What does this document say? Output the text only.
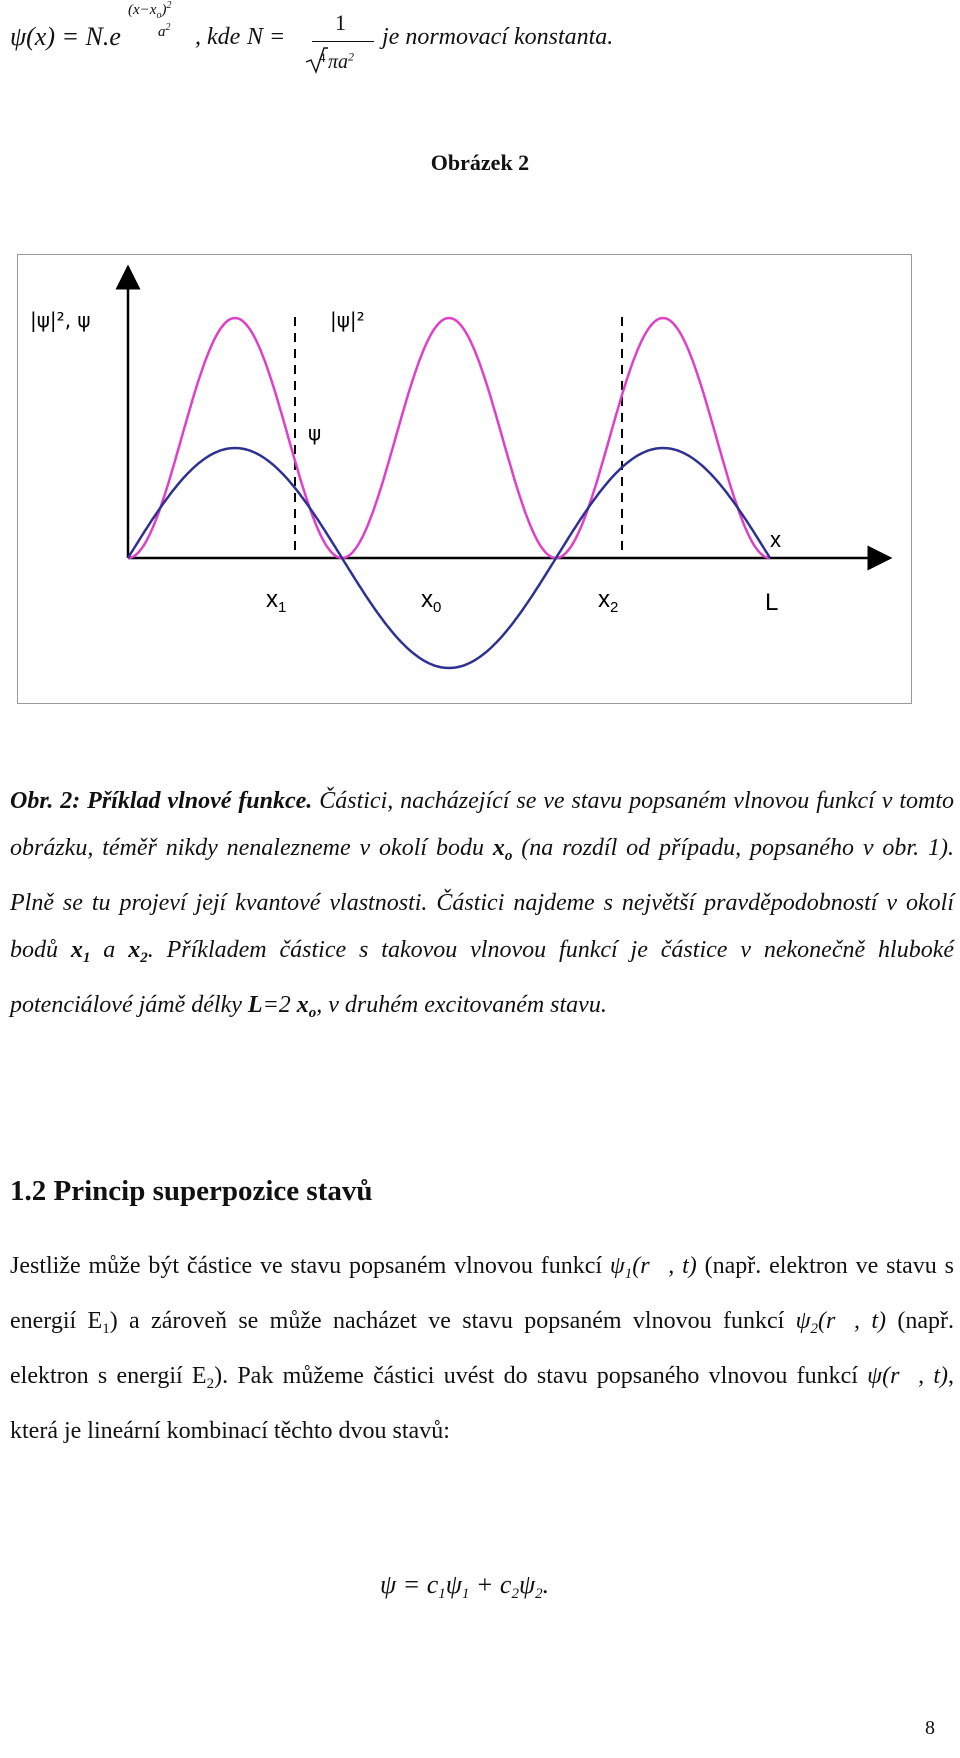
ψ(x) = N.e
$(x-x_o)^2$
$a^2$ , kde N =
1
4 $\pi a^2$
je normovací konstanta.
Obrázek 2
|ψ|², ψ	|ψ|²
ψ
x
$x_1$	$x_0$	$x_2$	L
Obr. 2: Příklad vlnové funkce. Částici, nacházející se ve stavu popsaném vlnovou funkcí v tomto obrázku, téměř nikdy nenalezneme v okolí bodu $x_o$ (na rozdíl od případu, popsaného v obr. 1). Plně se tu projeví její kvantové vlastnosti. Částici najdeme s největší pravděpodobností v okolí bodů $x_1$ a $x_2$. Příkladem částice s takovou vlnovou funkcí je částice v nekonečně hluboké potenciálové jámě délky L=2 $x_o$, v druhém excitovaném stavu.
1.2 Princip superpozice stavů
Jestliže může být částice ve stavu popsaném vlnovou funkcí $\psi_1(r⃗$, t) (např. elektron ve stavu s energií $E_1$) a zároveň se může nacházet ve stavu popsaném vlnovou funkcí $\psi_2(r⃗$, t) (např. elektron s energií $E_2$). Pak můžeme částici uvést do stavu popsaného vlnovou funkcí ψ(r⃗, t), která je lineární kombinací těchto dvou stavů:
$\psi = c_1\psi_1 + c_2\psi_2$.
8
